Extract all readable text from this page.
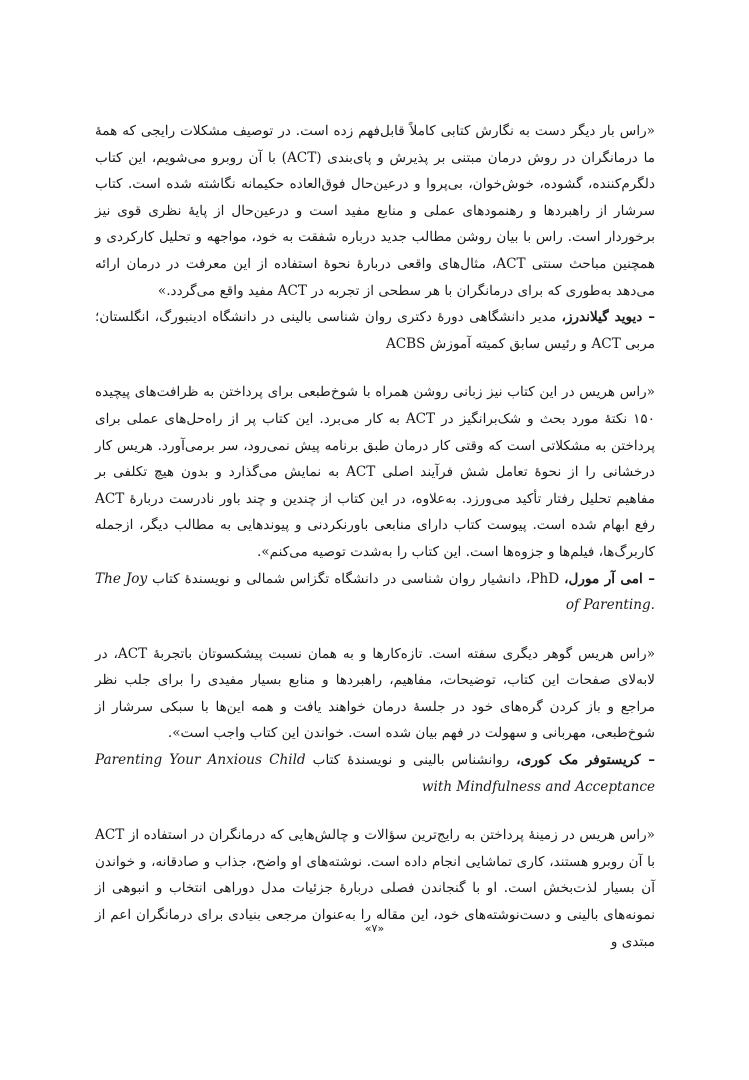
«راس بار دیگر دست به نگارش کتابی کاملاً قابل‌فهم زده است. در توصیف مشکلات رایجی که همهٔ ما درمانگران در روش درمان مبتنی بر پذیرش و پای‌بندی (ACT) با آن روبرو می‌شویم، این کتاب دلگرم‌کننده، گشوده، خوش‌خوان، بی‌پروا و درعین‌حال فوق‌العاده حکیمانه نگاشته شده است. کتاب سرشار از راهبردها و رهنمودهای عملی و منابع مفید است و درعین‌حال از پایهٔ نظری قوی نیز برخوردار است. راس با بیان روشن مطالب جدید درباره شفقت به خود، مواجهه و تحلیل کارکردی و همچنین مباحث سنتی ACT، مثال‌های واقعی دربارهٔ نحوهٔ استفاده از این معرفت در درمان ارائه می‌دهد به‌طوری که برای درمانگران با هر سطحی از تجربه در ACT مفید واقع می‌گردد.»

– دیوید گیلاندرز، مدیر دانشگاهی دورهٔ دکتری روان شناسی بالینی در دانشگاه ادینبورگ، انگلستان؛ مربی ACT و رئیس سابق کمیته آموزش ACBS

«راس هریس در این کتاب نیز زبانی روشن همراه با شوخ‌طبعی برای پرداختن به ظرافت‌های پیچیده ۱۵۰ نکتهٔ مورد بحث و شک‌برانگیز در ACT به کار می‌برد. این کتاب پر از راه‌حل‌های عملی برای پرداختن به مشکلاتی است که وقتی کار درمان طبق برنامه پیش نمی‌رود، سر برمی‌آورد. هریس کار درخشانی را از نحوهٔ تعامل شش فرآیند اصلی ACT به نمایش می‌گذارد و بدون هیچ تکلفی بر مفاهیم تحلیل رفتار تأکید می‌ورزد. به‌علاوه، در این کتاب از چندین و چند باور نادرست دربارهٔ ACT رفع ابهام شده است. پیوست کتاب دارای منابعی باورنکردنی و پیوندهایی به مطالب دیگر، ازجمله کاربرگ‌ها، فیلم‌ها و جزوه‌ها است. این کتاب را به‌شدت توصیه می‌کنم».

– امی آر مورل، PhD، دانشیار روان شناسی در دانشگاه تگزاس شمالی و نویسندهٔ کتاب The Joy of Parenting.

«راس هریس گوهر دیگری سفته است. تازه‌کارها و به همان نسبت پیشکسوتان باتجربهٔ ACT، در لابه‌لای صفحات این کتاب، توضیحات، مفاهیم، راهبردها و منابع بسیار مفیدی را برای جلب نظر مراجع و باز کردن گره‌های خود در جلسهٔ درمان خواهند یافت و همه این‌ها با سبکی سرشار از شوخ‌طبعی، مهربانی و سهولت در فهم بیان شده است. خواندن این کتاب واجب است».

– کریستوفر مک کوری، روانشناس بالینی و نویسندهٔ کتاب Parenting Your Anxious Child with Mindfulness and Acceptance

«راس هریس در زمینهٔ پرداختن به رایج‌ترین سؤالات و چالش‌هایی که درمانگران در استفاده از ACT با آن روبرو هستند، کاری تماشایی انجام داده است. نوشته‌های او واضح، جذاب و صادقانه، و خواندن آن بسیار لذت‌بخش است. او با گنجاندن فصلی دربارهٔ جزئیات مدل دوراهی انتخاب و انبوهی از نمونه‌های بالینی و دست‌نوشته‌های خود، این مقاله را به‌عنوان مرجعی بنیادی برای درمانگران اعم از مبتدی و

«۷»
